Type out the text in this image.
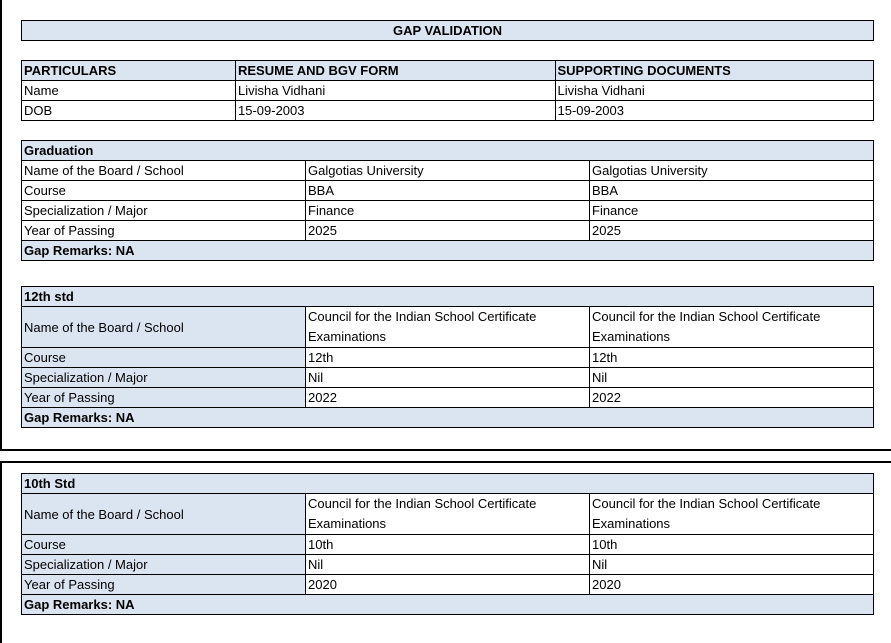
GAP VALIDATION
PARTICULARS	RESUME AND BGV FORM	SUPPORTING DOCUMENTS
Name	Livisha Vidhani	Livisha Vidhani
DOB	15-09-2003	15-09-2003
Graduation		
Name of the Board / School	Galgotias University	Galgotias University
Course	BBA	BBA
Specialization / Major	Finance	Finance
Year of Passing	2025	2025
Gap Remarks: NA		
12th std		
Name of the Board / School	Council for the Indian School Certificate Examinations	Council for the Indian School Certificate Examinations
Course	12th	12th
Specialization / Major	Nil	Nil
Year of Passing	2022	2022
Gap Remarks: NA		
10th Std		
Name of the Board / School	Council for the Indian School Certificate Examinations	Council for the Indian School Certificate Examinations
Course	10th	10th
Specialization / Major	Nil	Nil
Year of Passing	2020	2020
Gap Remarks: NA		
